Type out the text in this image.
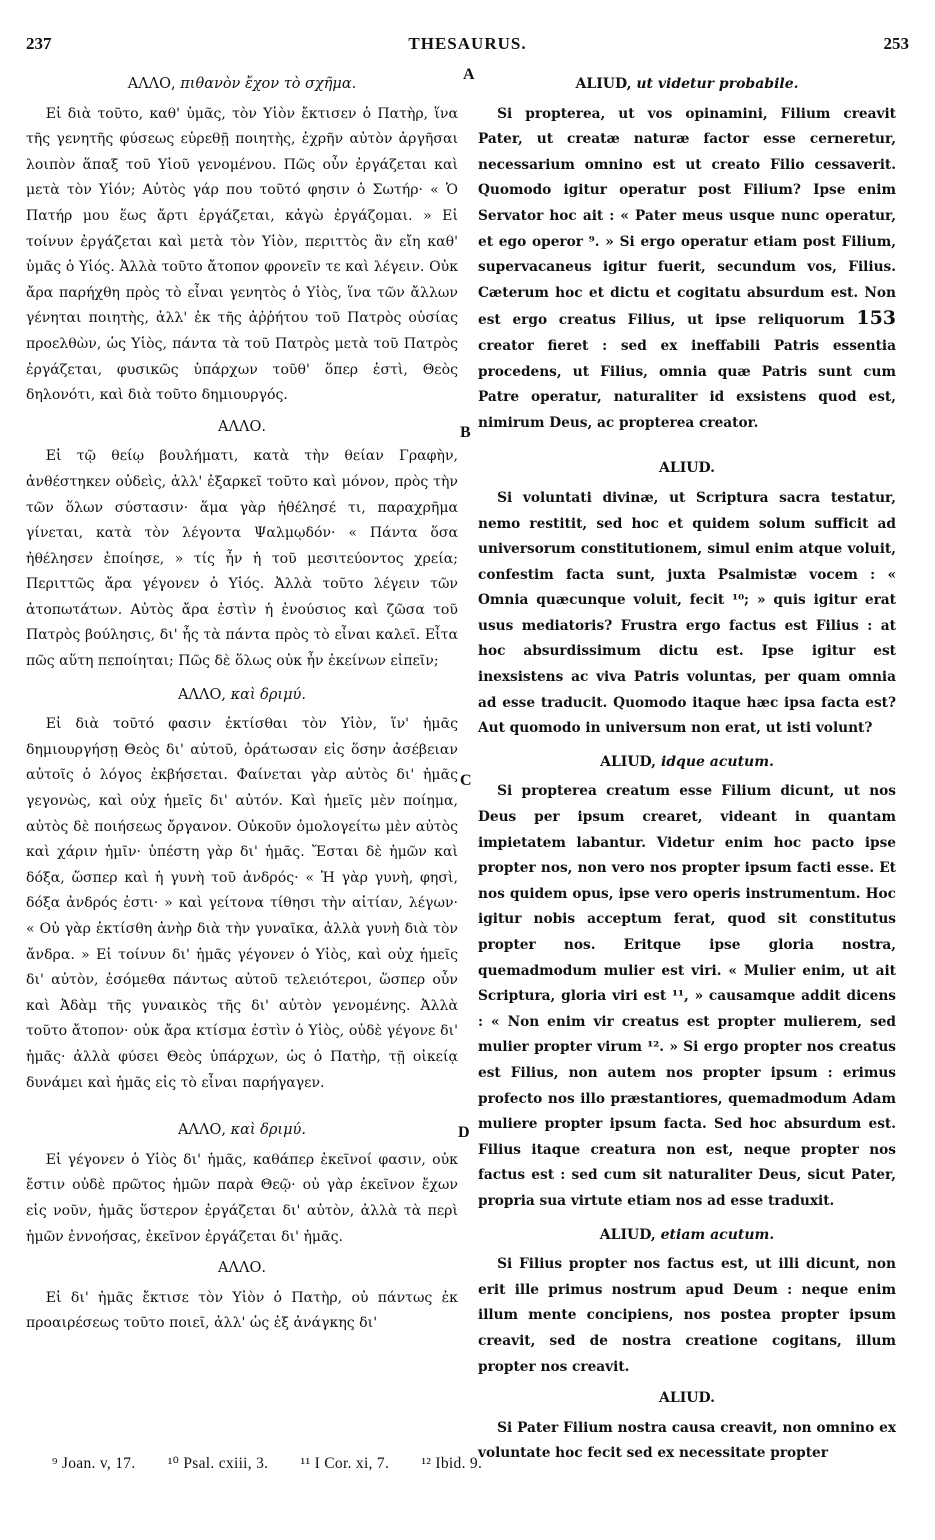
237	THESAURUS.	253
A
B
C
D
ΑΛΛΟ, πιθανὸν ἔχον τὸ σχῆμα.

Εἰ διὰ τοῦτο, καθ' ὑμᾶς, τὸν Υἱὸν ἔκτισεν ὁ Πατὴρ, ἵνα τῆς γενητῆς φύσεως εὑρεθῇ ποιητὴς, ἐχρῆν αὐτὸν ἀργῆσαι λοιπὸν ἅπαξ τοῦ Υἱοῦ γενομένου. Πῶς οὖν ἐργάζεται καὶ μετὰ τὸν Υἱόν; Αὐτὸς γάρ που τοῦτό φησιν ὁ Σωτήρ· « Ὁ Πατήρ μου ἕως ἄρτι ἐργάζεται, κἀγὼ ἐργάζομαι. » Εἰ τοίνυν ἐργάζεται καὶ μετὰ τὸν Υἱὸν, περιττὸς ἂν εἴη καθ' ὑμᾶς ὁ Υἱός. Ἀλλὰ τοῦτο ἄτοπον φρονεῖν τε καὶ λέγειν. Οὐκ ἄρα παρήχθη πρὸς τὸ εἶναι γενητὸς ὁ Υἱὸς, ἵνα τῶν ἄλλων γένηται ποιητὴς, ἀλλ' ἐκ τῆς ἀῤῥήτου τοῦ Πατρὸς οὐσίας προελθὼν, ὡς Υἱὸς, πάντα τὰ τοῦ Πατρὸς μετὰ τοῦ Πατρὸς ἐργάζεται, φυσικῶς ὑπάρχων τοῦθ' ὅπερ ἐστὶ, Θεὸς δηλονότι, καὶ διὰ τοῦτο δημιουργός.

ΑΛΛΟ.

Εἰ τῷ θείῳ βουλήματι, κατὰ τὴν θείαν Γραφὴν, ἀνθέστηκεν οὐδεὶς, ἀλλ' ἐξαρκεῖ τοῦτο καὶ μόνον, πρὸς τὴν τῶν ὅλων σύστασιν· ἅμα γὰρ ἠθέλησέ τι, παραχρῆμα γίνεται, κατὰ τὸν λέγοντα Ψαλμῳδόν· « Πάντα ὅσα ἠθέλησεν ἐποίησε, » τίς ἦν ἡ τοῦ μεσιτεύοντος χρεία; Περιττῶς ἄρα γέγονεν ὁ Υἱός. Ἀλλὰ τοῦτο λέγειν τῶν ἀτοπωτάτων. Αὐτὸς ἄρα ἐστὶν ἡ ἐνούσιος καὶ ζῶσα τοῦ Πατρὸς βούλησις, δι' ἧς τὰ πάντα πρὸς τὸ εἶναι καλεῖ. Εἶτα πῶς αὕτη πεποίηται; Πῶς δὲ ὅλως οὐκ ἦν ἐκείνων εἰπεῖν;

ΑΛΛΟ, καὶ δριμύ.

Εἰ διὰ τοῦτό φασιν ἐκτίσθαι τὸν Υἱὸν, ἵν' ἡμᾶς δημιουργήσῃ Θεὸς δι' αὐτοῦ, ὁράτωσαν εἰς ὅσην ἀσέβειαν αὐτοῖς ὁ λόγος ἐκβήσεται. Φαίνεται γὰρ αὐτὸς δι' ἡμᾶς γεγονὼς, καὶ οὐχ ἡμεῖς δι' αὐτόν. Καὶ ἡμεῖς μὲν ποίημα, αὐτὸς δὲ ποιήσεως ὄργανον. Οὐκοῦν ὁμολογείτω μὲν αὐτὸς καὶ χάριν ἡμῖν· ὑπέστη γὰρ δι' ἡμᾶς. Ἔσται δὲ ἡμῶν καὶ δόξα, ὥσπερ καὶ ἡ γυνὴ τοῦ ἀνδρός· « Ἡ γὰρ γυνὴ, φησὶ, δόξα ἀνδρός ἐστι· » καὶ γείτονα τίθησι τὴν αἰτίαν, λέγων· « Οὐ γὰρ ἐκτίσθη ἀνὴρ διὰ τὴν γυναῖκα, ἀλλὰ γυνὴ διὰ τὸν ἄνδρα. » Εἰ τοίνυν δι' ἡμᾶς γέγονεν ὁ Υἱὸς, καὶ οὐχ ἡμεῖς δι' αὐτὸν, ἐσόμεθα πάντως αὐτοῦ τελειότεροι, ὥσπερ οὖν καὶ Ἀδὰμ τῆς γυναικὸς τῆς δι' αὐτὸν γενομένης. Ἀλλὰ τοῦτο ἄτοπον· οὐκ ἄρα κτίσμα ἐστὶν ὁ Υἱὸς, οὐδὲ γέγονε δι' ἡμᾶς· ἀλλὰ φύσει Θεὸς ὑπάρχων, ὡς ὁ Πατὴρ, τῇ οἰκείᾳ δυνάμει καὶ ἡμᾶς εἰς τὸ εἶναι παρήγαγεν.

ΑΛΛΟ, καὶ δριμύ.

Εἰ γέγονεν ὁ Υἱὸς δι' ἡμᾶς, καθάπερ ἐκεῖνοί φασιν, οὐκ ἔστιν οὐδὲ πρῶτος ἡμῶν παρὰ Θεῷ· οὐ γὰρ ἐκεῖνον ἔχων εἰς νοῦν, ἡμᾶς ὕστερον ἐργάζεται δι' αὐτὸν, ἀλλὰ τὰ περὶ ἡμῶν ἐννοήσας, ἐκεῖνον ἐργάζεται δι' ἡμᾶς.

ΑΛΛΟ.

Εἰ δι' ἡμᾶς ἔκτισε τὸν Υἱὸν ὁ Πατὴρ, οὐ πάντως ἐκ προαιρέσεως τοῦτο ποιεῖ, ἀλλ' ὡς ἐξ ἀνάγκης δι'

ALIUD, ut videtur probabile.

Si propterea, ut vos opinamini, Filium creavit Pater, ut creatæ naturæ factor esse cerneretur, necessarium omnino est ut creato Filio cessaverit. Quomodo igitur operatur post Filium? Ipse enim Servator hoc ait : « Pater meus usque nunc operatur, et ego operor ⁹. » Si ergo operatur etiam post Filium, supervacaneus igitur fuerit, secundum vos, Filius. Cæterum hoc et dictu et cogitatu absurdum est. Non est ergo creatus Filius, ut ipse reliquorum 153 creator fieret : sed ex ineffabili Patris essentia procedens, ut Filius, omnia quæ Patris sunt cum Patre operatur, naturaliter id exsistens quod est, nimirum Deus, ac propterea creator.

ALIUD.

Si voluntati divinæ, ut Scriptura sacra testatur, nemo restitit, sed hoc et quidem solum sufficit ad universorum constitutionem, simul enim atque voluit, confestim facta sunt, juxta Psalmistæ vocem : « Omnia quæcunque voluit, fecit ¹⁰; » quis igitur erat usus mediatoris? Frustra ergo factus est Filius : at hoc absurdissimum dictu est. Ipse igitur est inexsistens ac viva Patris voluntas, per quam omnia ad esse traducit. Quomodo itaque hæc ipsa facta est? Aut quomodo in universum non erat, ut isti volunt?

ALIUD, idque acutum.

Si propterea creatum esse Filium dicunt, ut nos Deus per ipsum crearet, videant in quantam impietatem labantur. Videtur enim hoc pacto ipse propter nos, non vero nos propter ipsum facti esse. Et nos quidem opus, ipse vero operis instrumentum. Hoc igitur nobis acceptum ferat, quod sit constitutus propter nos. Eritque ipse gloria nostra, quemadmodum mulier est viri. « Mulier enim, ut ait Scriptura, gloria viri est ¹¹, » causamque addit dicens : « Non enim vir creatus est propter mulierem, sed mulier propter virum ¹². » Si ergo propter nos creatus est Filius, non autem nos propter ipsum : erimus profecto nos illo præstantiores, quemadmodum Adam muliere propter ipsum facta. Sed hoc absurdum est. Filius itaque creatura non est, neque propter nos factus est : sed cum sit naturaliter Deus, sicut Pater, propria sua virtute etiam nos ad esse traduxit.

ALIUD, etiam acutum.

Si Filius propter nos factus est, ut illi dicunt, non erit ille primus nostrum apud Deum : neque enim illum mente concipiens, nos postea propter ipsum creavit, sed de nostra creatione cogitans, illum propter nos creavit.

ALIUD.

Si Pater Filium nostra causa creavit, non omnino ex voluntate hoc fecit sed ex necessitate propter

⁹ Joan. v, 17. ¹⁰ Psal. cxiii, 3. ¹¹ I Cor. xi, 7. ¹² Ibid. 9.
